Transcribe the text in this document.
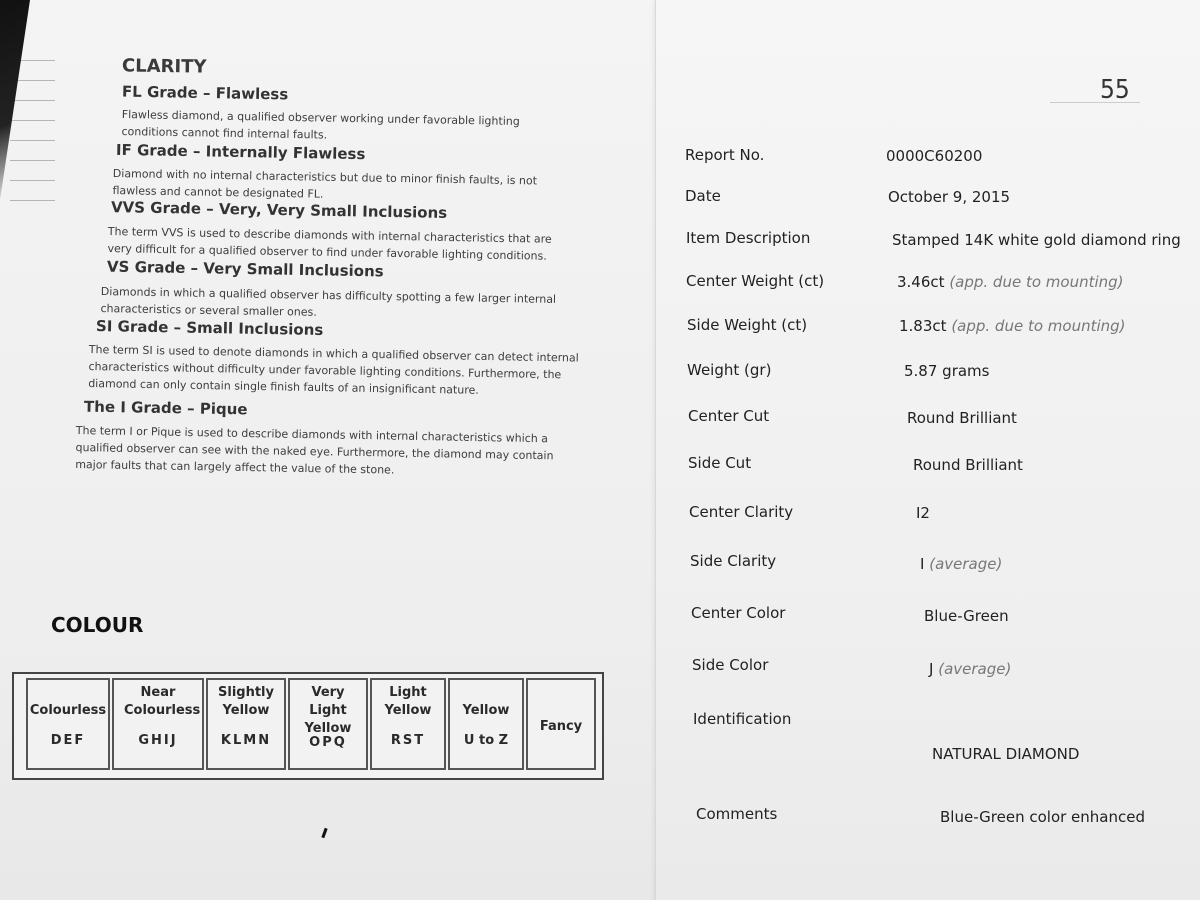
CLARITY
FL Grade – Flawless
Flawless diamond, a qualified observer working under favorable lighting conditions cannot find internal faults.
IF Grade – Internally Flawless
Diamond with no internal characteristics but due to minor finish faults, is not flawless and cannot be designated FL.
VVS Grade – Very, Very Small Inclusions
The term VVS is used to describe diamonds with internal characteristics that are very difficult for a qualified observer to find under favorable lighting conditions.
VS Grade – Very Small Inclusions
Diamonds in which a qualified observer has difficulty spotting a few larger internal characteristics or several smaller ones.
SI Grade – Small Inclusions
The term SI is used to denote diamonds in which a qualified observer can detect internal characteristics without difficulty under favorable lighting conditions. Furthermore, the diamond can only contain single finish faults of an insignificant nature.
The I Grade – Pique
The term I or Pique is used to describe diamonds with internal characteristics which a qualified observer can see with the naked eye. Furthermore, the diamond may contain major faults that can largely affect the value of the stone.
COLOUR
Colourless
DEF
Near Colourless
GHIJ
Slightly Yellow
KLMN
Very Light Yellow
OPQ
Light Yellow
RST
Yellow
U to Z
Fancy
55
Report No.	0000C60200
Date	October 9, 2015
Item Description	Stamped 14K white gold diamond ring
Center Weight (ct)	3.46ct (app. due to mounting)
Side Weight (ct)	1.83ct (app. due to mounting)
Weight (gr)	5.87 grams
Center Cut	Round Brilliant
Side Cut	Round Brilliant
Center Clarity	I2
Side Clarity	I (average)
Center Color	Blue-Green
Side Color	J (average)
Identification
NATURAL DIAMOND
Comments	Blue-Green color enhanced
